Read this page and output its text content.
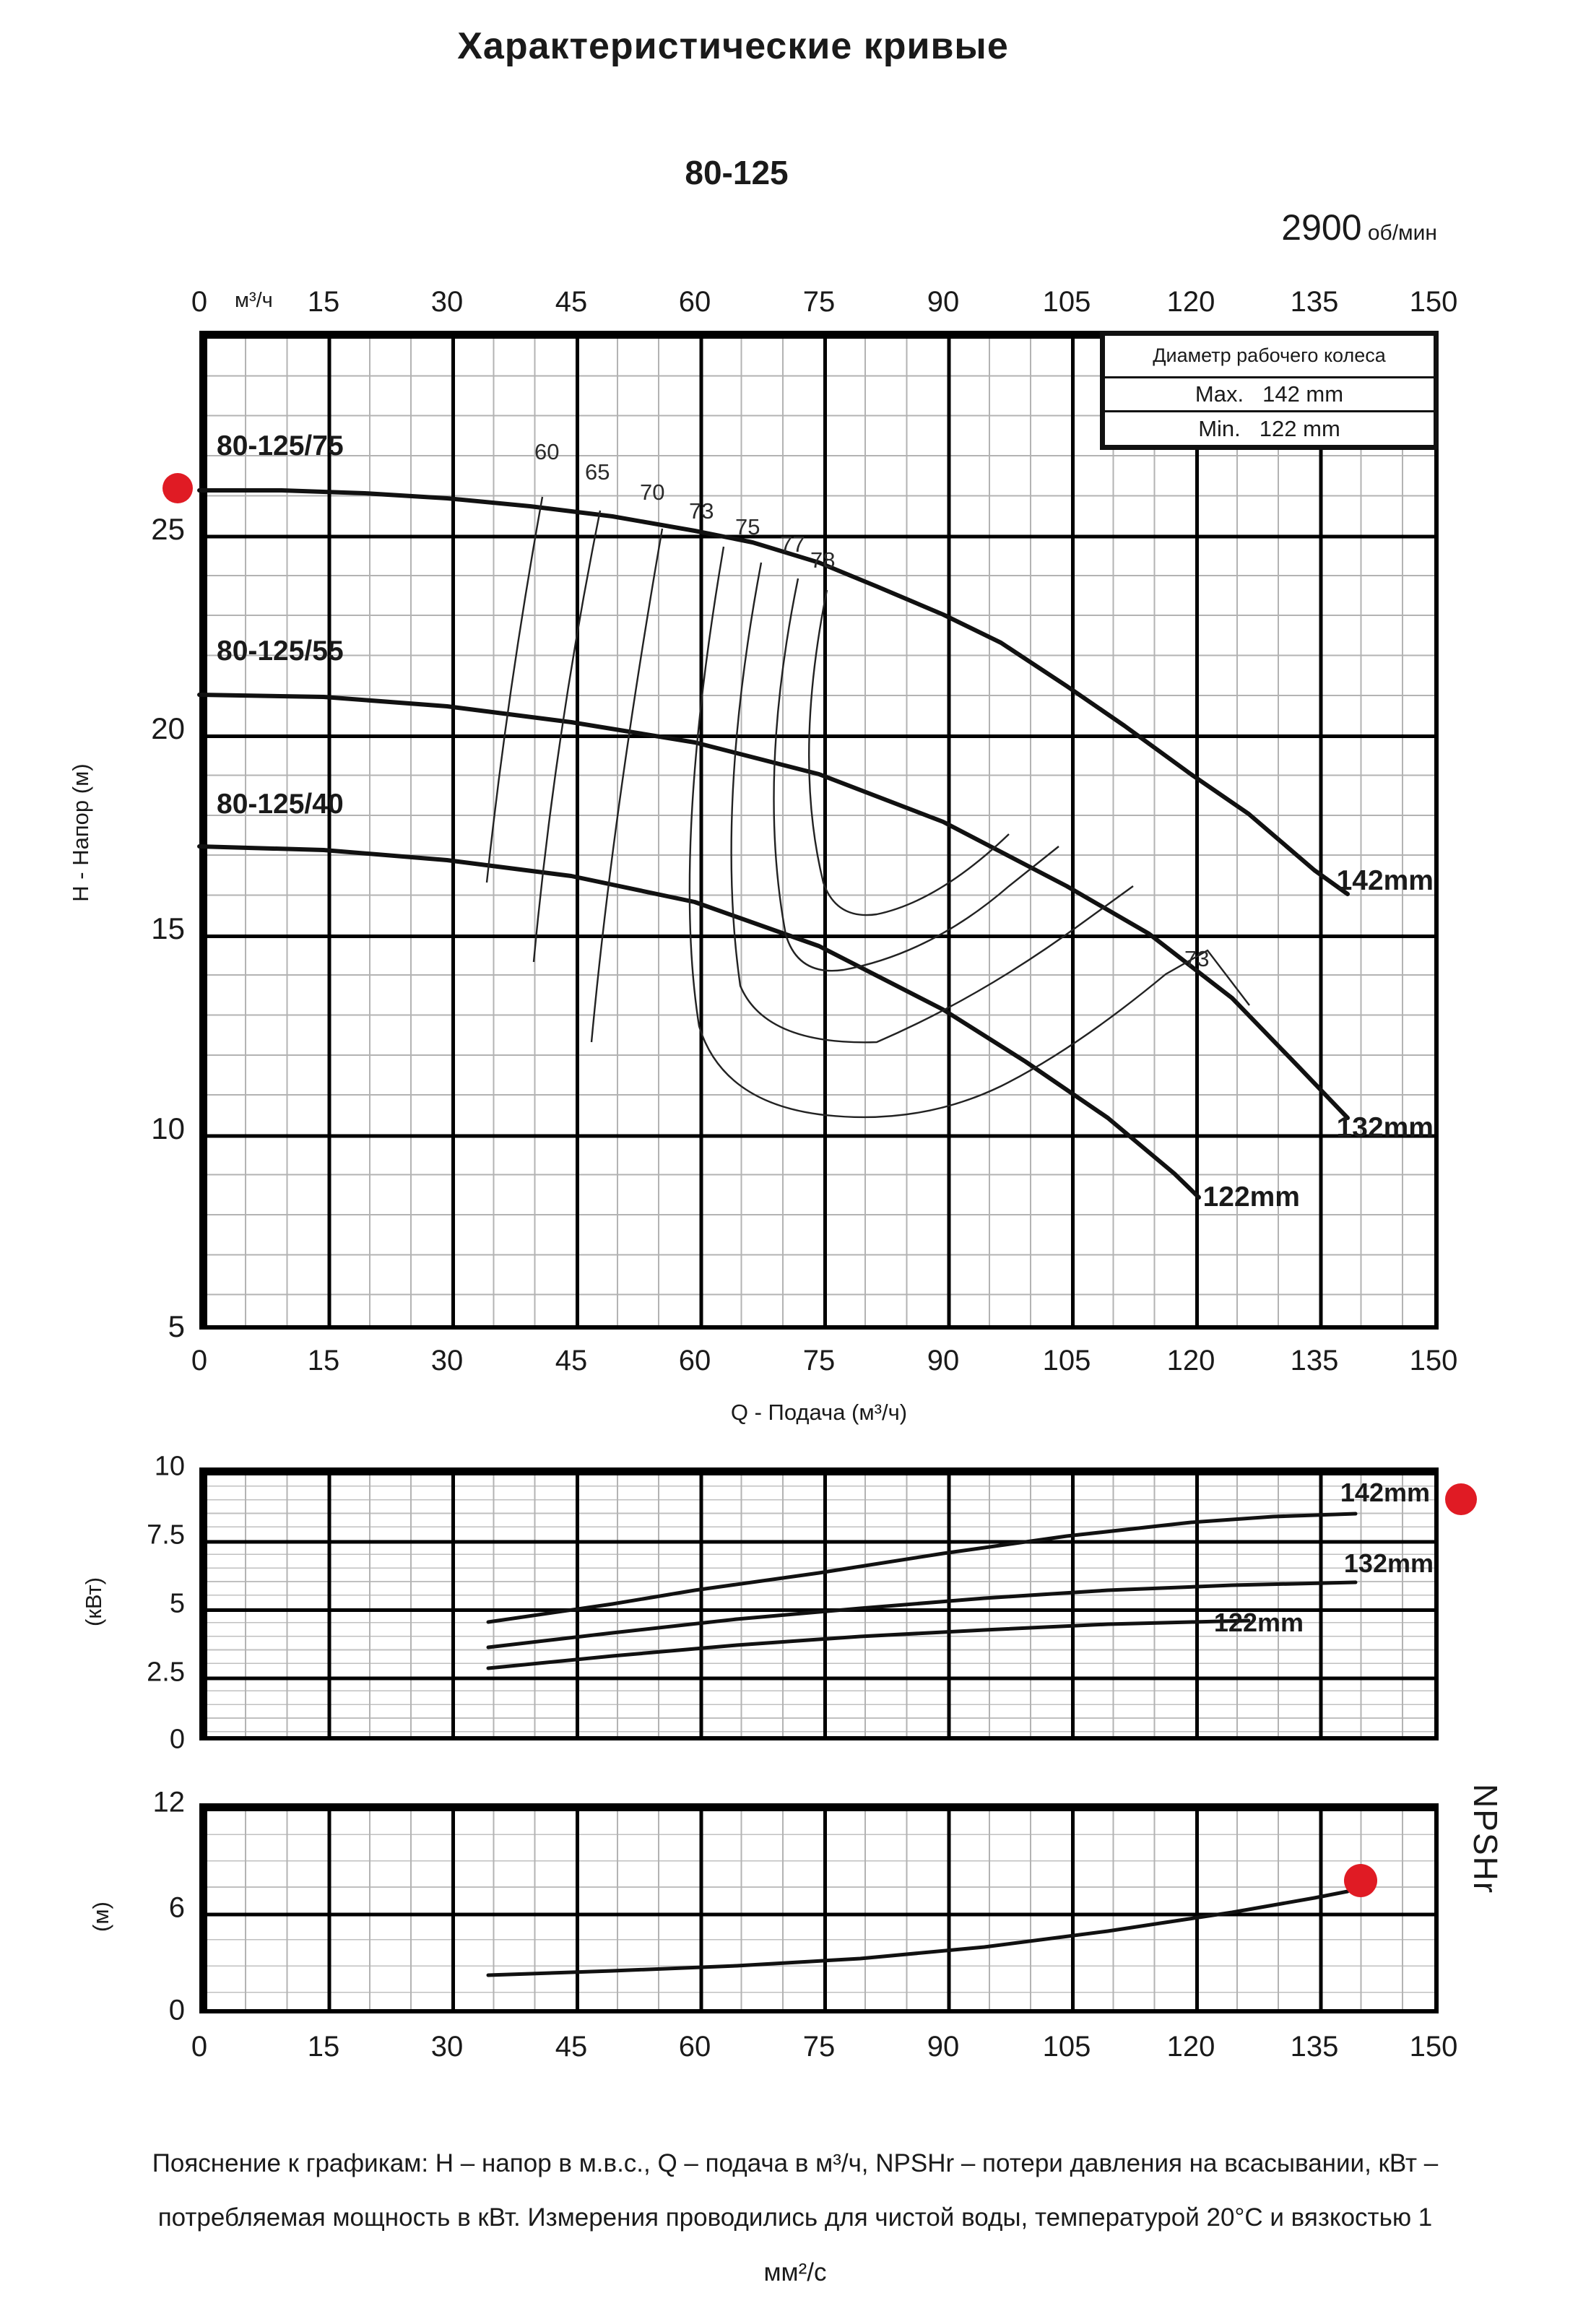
Характеристические кривые
80-125
2900 об/мин
0 м³/ч 15	30	45	60	75	90	105	120	135 150
25
20
15
10
5
H - Напор (м)
0	15	30	45	60	75	90	105	120	135 150
Q - Подача (м³/ч)
Диаметр рабочего колеса
Max. 142 mm
Min. 122 mm
80-125/75
80-125/55
80-125/40
142mm
132mm
122mm
60
65
70
73
75
77
78
73
10
7.5
5
2.5
0
(кВт)
142mm
132mm
122mm
12
6
0
(м)
NPSHr
0	15	30	45	60	75	90	105	120	135 150
Пояснение к графикам: H – напор в м.в.с., Q – подача в м³/ч, NPSHr – потери давления на всасывании, кВт –
потребляемая мощность в кВт. Измерения проводились для чистой воды, температурой 20°С и вязкостью 1
мм²/с
